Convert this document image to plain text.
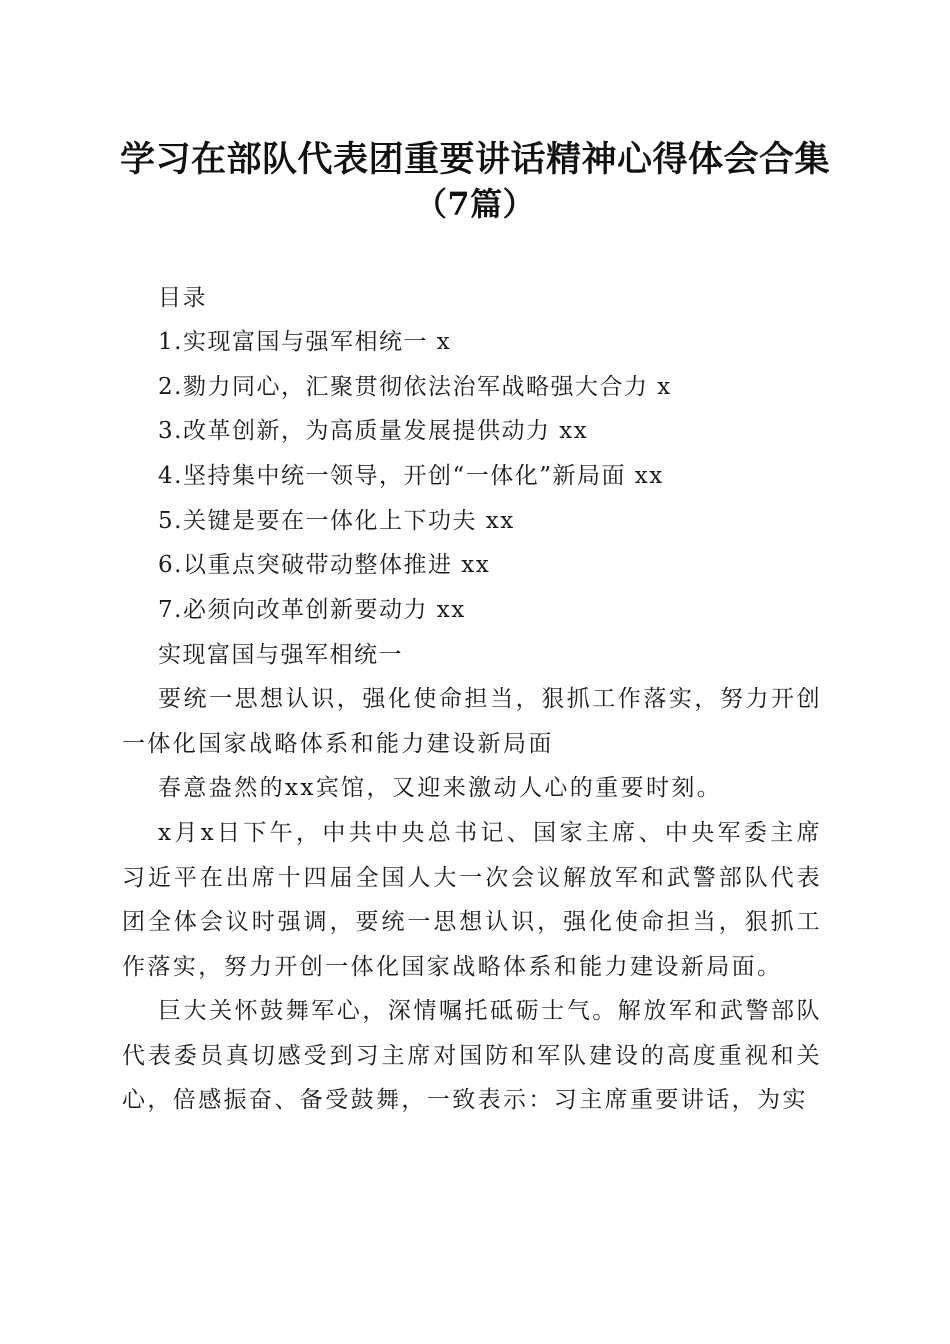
学习在部队代表团重要讲话精神心得体会合集
（7篇）
目录
1.实现富国与强军相统一 x
2.勠力同心，汇聚贯彻依法治军战略强大合力 x
3.改革创新，为高质量发展提供动力 xx
4.坚持集中统一领导，开创“一体化”新局面 xx
5.关键是要在一体化上下功夫 xx
6.以重点突破带动整体推进 xx
7.必须向改革创新要动力 xx
实现富国与强军相统一

要统一思想认识，强化使命担当，狠抓工作落实，努力开创一体化国家战略体系和能力建设新局面

春意盎然的xx宾馆，又迎来激动人心的重要时刻。

x月x日下午，中共中央总书记、国家主席、中央军委主席习近平在出席十四届全国人大一次会议解放军和武警部队代表团全体会议时强调，要统一思想认识，强化使命担当，狠抓工作落实，努力开创一体化国家战略体系和能力建设新局面。

巨大关怀鼓舞军心，深情嘱托砥砺士气。解放军和武警部队代表委员真切感受到习主席对国防和军队建设的高度重视和关心，倍感振奋、备受鼓舞，一致表示：习主席重要讲话，为实
